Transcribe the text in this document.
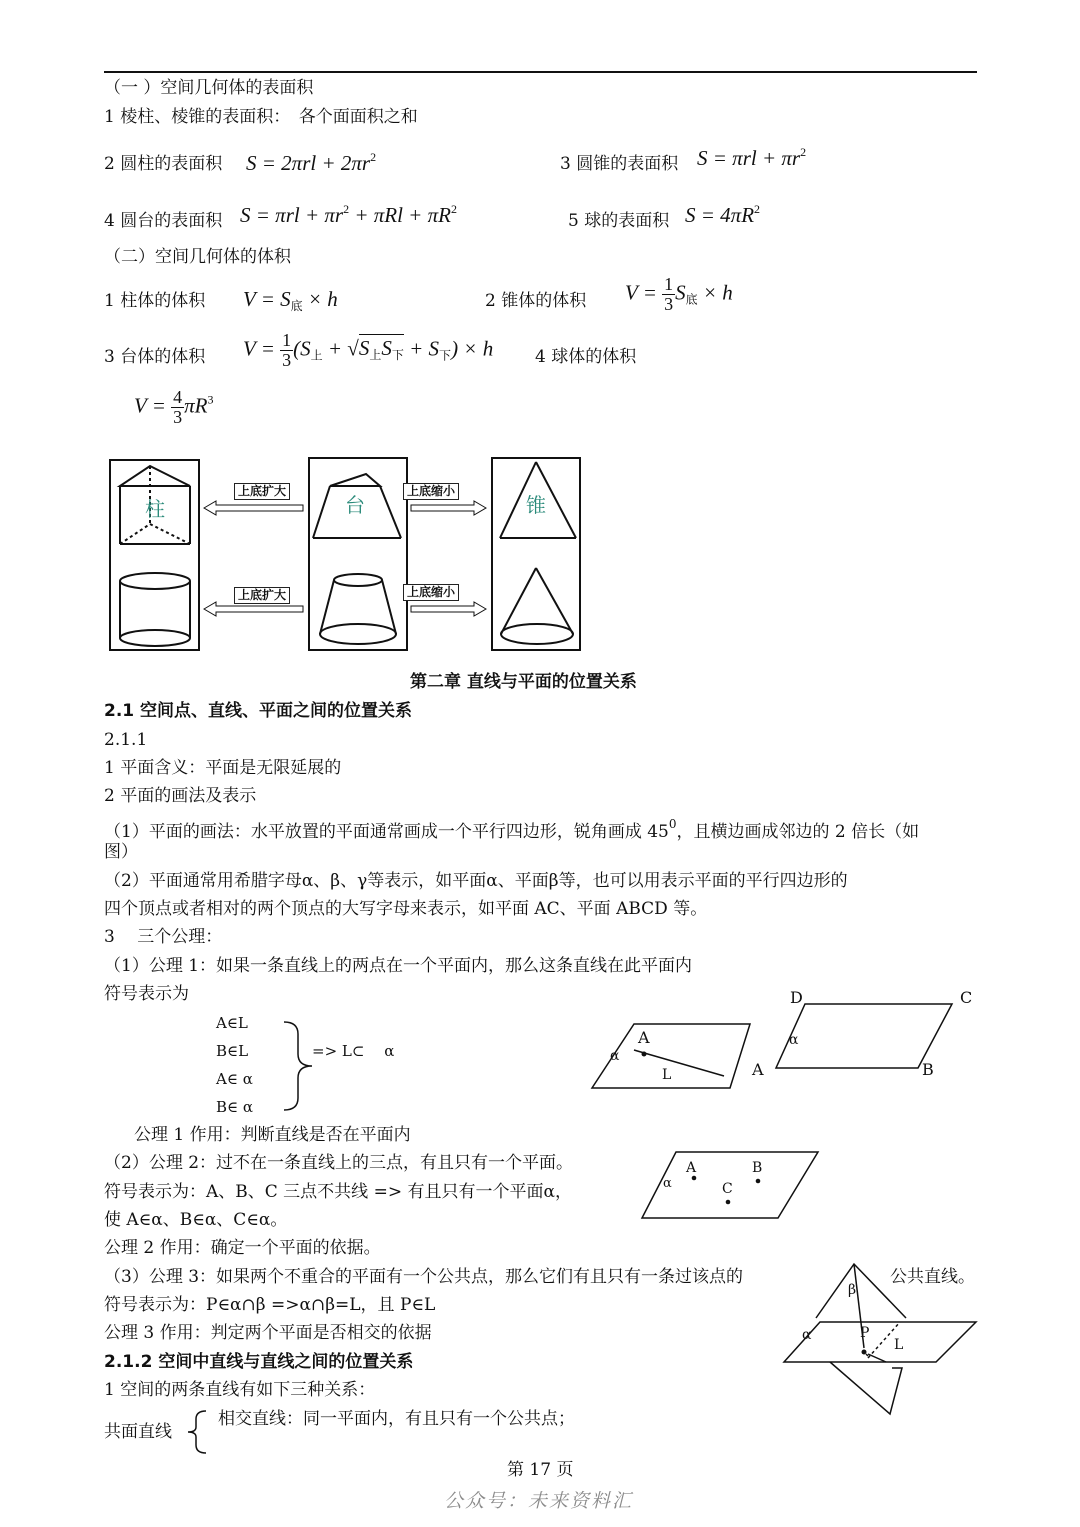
（一 ）空间几何体的表面积
1 棱柱、棱锥的表面积：　各个面面积之和
2 圆柱的表面积 $S = 2\pi rl + 2\pi r^2$	3 圆锥的表面积 $S = \pi rl + \pi r^2$
4 圆台的表面积 $S = \pi rl + \pi r^2 + \pi Rl + \pi R^2$
5 球的表面积 $S = 4\pi R^2$
（二）空间几何体的体积
1 柱体的体积 $V = S_底 \times h$	2 锥体的体积 $V = \frac{1}{3} S_底 \times h$
3 台体的体积 $V = \frac{1}{3} (S_上 + √S_上S_下 + S_下) \times h$ 4 球体的体积
$V = \frac{4}{3} \pi R^3$
柱	台	锥
上底扩大	上底缩小
上底扩大	上底缩小
第二章 直线与平面的位置关系
2.1 空间点、直线、平面之间的位置关系
2.1.1
1 平面含义：平面是无限延展的
2 平面的画法及表示
（1）平面的画法：水平放置的平面通常画成一个平行四边形，锐角画成 $45^0$，且横边画成邻边的 2 倍长（如
图）
（2）平面通常用希腊字母α、β、γ等表示，如平面α、平面β等，也可以用表示平面的平行四边形的
四个顶点或者相对的两个顶点的大写字母来表示，如平面 AC、平面 ABCD 等。
3 　三个公理：
（1）公理 1：如果一条直线上的两点在一个平面内，那么这条直线在此平面内
符号表示为
A∈L
B∈L
A∈ α
B∈ α
=> L⊂ 　α
A
α
L	A
D	C
α
B
公理 1 作用：判断直线是否在平面内
（2）公理 2：过不在一条直线上的三点，有且只有一个平面。
符号表示为：A、B、C 三点不共线 => 有且只有一个平面α，
使 A∈α、B∈α、C∈α。
公理 2 作用：确定一个平面的依据。
A	B
C
α
（3）公理 3：如果两个不重合的平面有一个公共点，那么它们有且只有一条过该点的	公共直线。
符号表示为：P∈α∩β =>α∩β=L，且 P∈L
公理 3 作用：判定两个平面是否相交的依据
β
α	P
L
2.1.2 空间中直线与直线之间的位置关系
1 空间的两条直线有如下三种关系：
共面直线
相交直线：同一平面内，有且只有一个公共点；
第 17 页
公众号：未来资料汇
